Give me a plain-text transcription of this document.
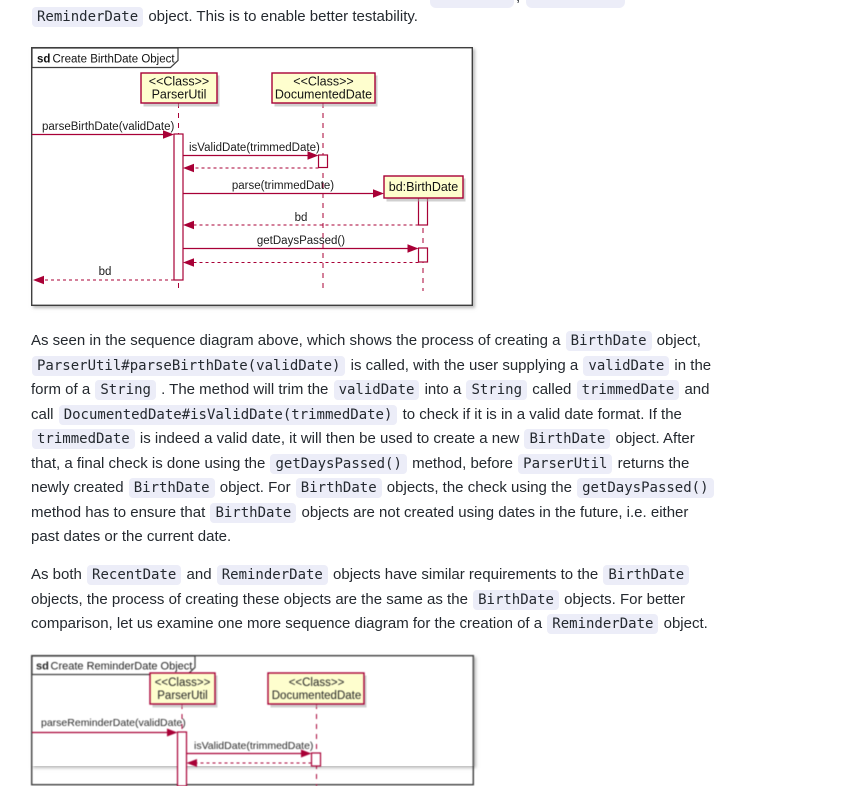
ReminderDate object. This is to enable better testability.
sd Create BirthDate Object
<<Class>>
ParserUtil
<<Class>>
DocumentedDate
parseBirthDate(validDate)
isValidDate(trimmedDate)
parse(trimmedDate)	bd:BirthDate
bd
getDaysPassed()
bd
As seen in the sequence diagram above, which shows the process of creating a BirthDate object,
ParserUtil#parseBirthDate(validDate) is called, with the user supplying a validDate in the
form of a String . The method will trim the validDate into a String called trimmedDate and
call DocumentedDate#isValidDate(trimmedDate) to check if it is in a valid date format. If the
trimmedDate is indeed a valid date, it will then be used to create a new BirthDate object. After
that, a final check is done using the getDaysPassed() method, before ParserUtil returns the
newly created BirthDate object. For BirthDate objects, the check using the getDaysPassed()
method has to ensure that BirthDate objects are not created using dates in the future, i.e. either
past dates or the current date.
As both RecentDate and ReminderDate objects have similar requirements to the BirthDate
objects, the process of creating these objects are the same as the BirthDate objects. For better
comparison, let us examine one more sequence diagram for the creation of a ReminderDate object.
sd Create ReminderDate Object
<<Class>>
ParserUtil
<<Class>>
DocumentedDate
parseReminderDate(validDate)
isValidDate(trimmedDate)
